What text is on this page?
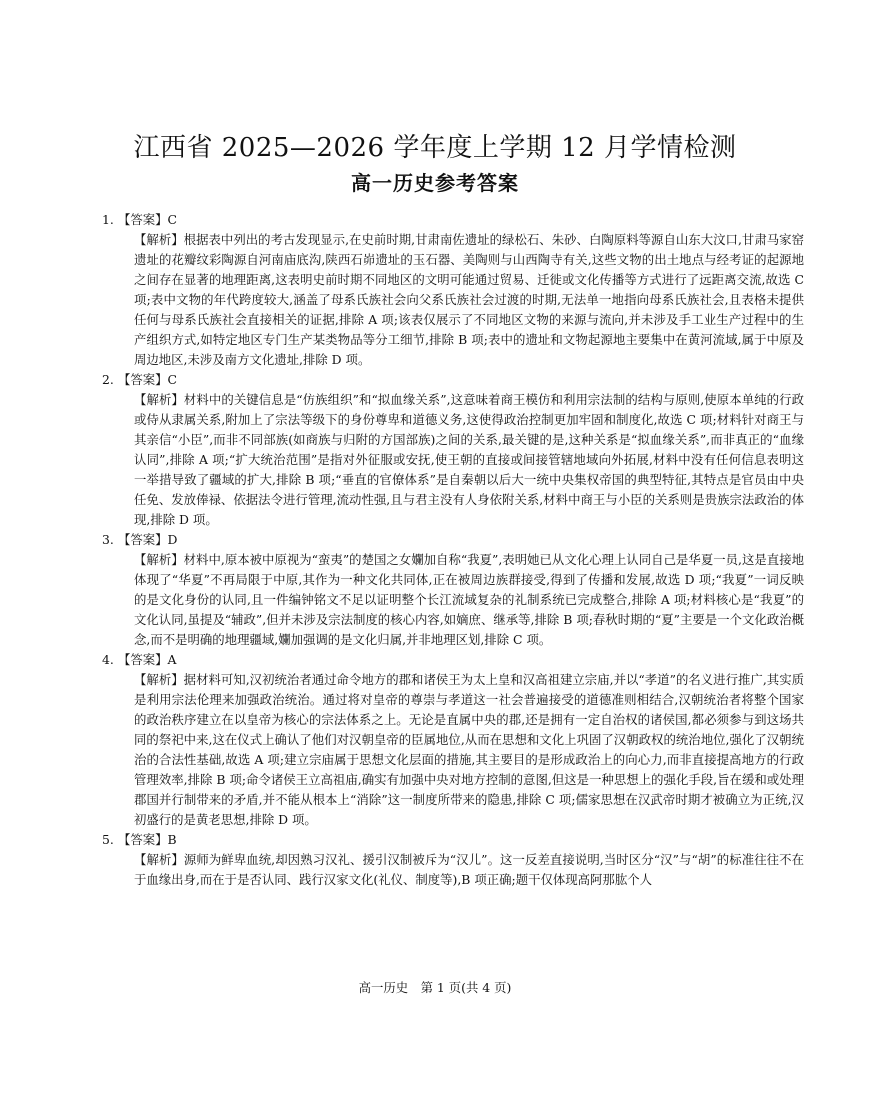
江西省 2025—2026 学年度上学期 12 月学情检测
高一历史参考答案
1. 【答案】C

【解析】根据表中列出的考古发现显示,在史前时期,甘肃南佐遗址的绿松石、朱砂、白陶原料等源自山东大汶口,甘肃马家窑遗址的花瓣纹彩陶源自河南庙底沟,陕西石峁遗址的玉石器、美陶则与山西陶寺有关,这些文物的出土地点与经考证的起源地之间存在显著的地理距离,这表明史前时期不同地区的文明可能通过贸易、迁徙或文化传播等方式进行了远距离交流,故选 C 项;表中文物的年代跨度较大,涵盖了母系氏族社会向父系氏族社会过渡的时期,无法单一地指向母系氏族社会,且表格未提供任何与母系氏族社会直接相关的证据,排除 A 项;该表仅展示了不同地区文物的来源与流向,并未涉及手工业生产过程中的生产组织方式,如特定地区专门生产某类物品等分工细节,排除 B 项;表中的遗址和文物起源地主要集中在黄河流域,属于中原及周边地区,未涉及南方文化遗址,排除 D 项。

2. 【答案】C

【解析】材料中的关键信息是“仿族组织”和“拟血缘关系”,这意味着商王模仿和利用宗法制的结构与原则,使原本单纯的行政或侍从隶属关系,附加上了宗法等级下的身份尊卑和道德义务,这使得政治控制更加牢固和制度化,故选 C 项;材料针对商王与其亲信“小臣”,而非不同部族(如商族与归附的方国部族)之间的关系,最关键的是,这种关系是“拟血缘关系”,而非真正的“血缘认同”,排除 A 项;“扩大统治范围”是指对外征服或安抚,使王朝的直接或间接管辖地域向外拓展,材料中没有任何信息表明这一举措导致了疆域的扩大,排除 B 项;“垂直的官僚体系”是自秦朝以后大一统中央集权帝国的典型特征,其特点是官员由中央任免、发放俸禄、依据法令进行管理,流动性强,且与君主没有人身依附关系,材料中商王与小臣的关系则是贵族宗法政治的体现,排除 D 项。

3. 【答案】D

【解析】材料中,原本被中原视为“蛮夷”的楚国之女孄加自称“我夏”,表明她已从文化心理上认同自己是华夏一员,这是直接地体现了“华夏”不再局限于中原,其作为一种文化共同体,正在被周边族群接受,得到了传播和发展,故选 D 项;“我夏”一词反映的是文化身份的认同,且一件编钟铭文不足以证明整个长江流域复杂的礼制系统已完成整合,排除 A 项;材料核心是“我夏”的文化认同,虽提及“辅政”,但并未涉及宗法制度的核心内容,如嫡庶、继承等,排除 B 项;春秋时期的“夏”主要是一个文化政治概念,而不是明确的地理疆域,孄加强调的是文化归属,并非地理区划,排除 C 项。

4. 【答案】A

【解析】据材料可知,汉初统治者通过命令地方的郡和诸侯王为太上皇和汉高祖建立宗庙,并以“孝道”的名义进行推广,其实质是利用宗法伦理来加强政治统治。通过将对皇帝的尊崇与孝道这一社会普遍接受的道德准则相结合,汉朝统治者将整个国家的政治秩序建立在以皇帝为核心的宗法体系之上。无论是直属中央的郡,还是拥有一定自治权的诸侯国,都必须参与到这场共同的祭祀中来,这在仪式上确认了他们对汉朝皇帝的臣属地位,从而在思想和文化上巩固了汉朝政权的统治地位,强化了汉朝统治的合法性基础,故选 A 项;建立宗庙属于思想文化层面的措施,其主要目的是形成政治上的向心力,而非直接提高地方的行政管理效率,排除 B 项;命令诸侯王立高祖庙,确实有加强中央对地方控制的意图,但这是一种思想上的强化手段,旨在缓和或处理郡国并行制带来的矛盾,并不能从根本上“消除”这一制度所带来的隐患,排除 C 项;儒家思想在汉武帝时期才被确立为正统,汉初盛行的是黄老思想,排除 D 项。

5. 【答案】B

【解析】源师为鲜卑血统,却因熟习汉礼、援引汉制被斥为“汉儿”。这一反差直接说明,当时区分“汉”与“胡”的标准往往不在于血缘出身,而在于是否认同、践行汉家文化(礼仪、制度等),B 项正确;题干仅体现高阿那肱个人

高一历史　第 1 页(共 4 页)
